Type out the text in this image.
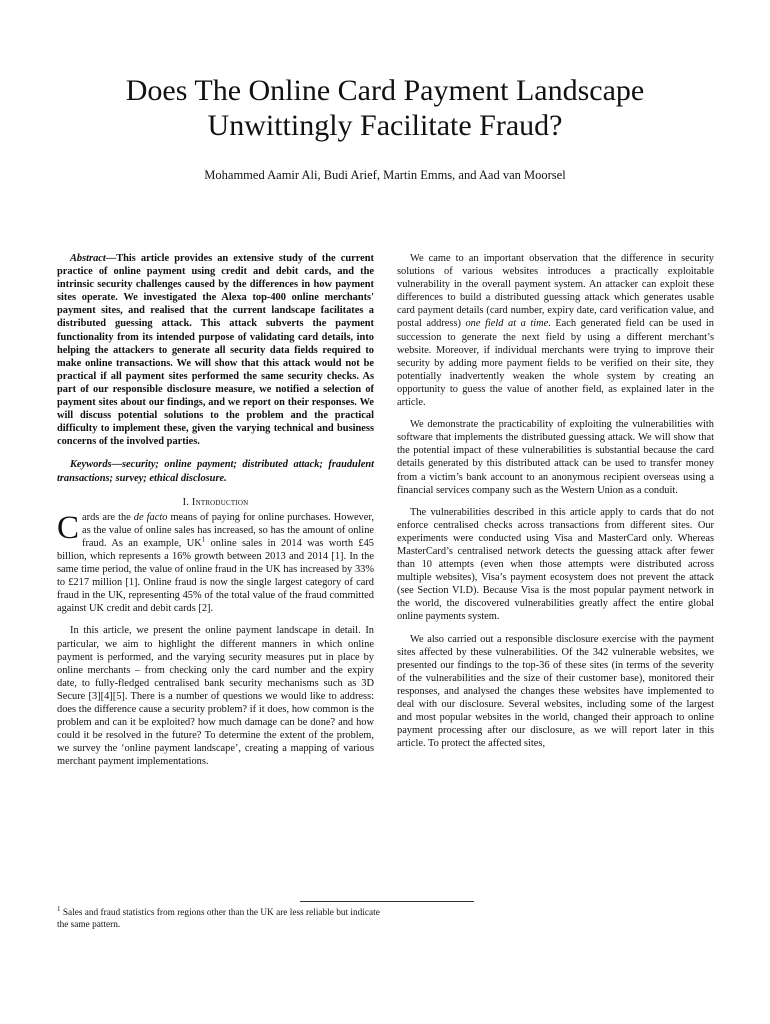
Does The Online Card Payment Landscape
Unwittingly Facilitate Fraud?
Mohammed Aamir Ali, Budi Arief, Martin Emms, and Aad van Moorsel

Abstract—This article provides an extensive study of the current practice of online payment using credit and debit cards, and the intrinsic security challenges caused by the differences in how payment sites operate. We investigated the Alexa top-400 online merchants' payment sites, and realised that the current landscape facilitates a distributed guessing attack. This attack subverts the payment functionality from its intended purpose of validating card details, into helping the attackers to generate all security data fields required to make online transactions. We will show that this attack would not be practical if all payment sites performed the same security checks. As part of our responsible disclosure measure, we notified a selection of payment sites about our findings, and we report on their responses. We will discuss potential solutions to the problem and the practical difficulty to implement these, given the varying technical and business concerns of the involved parties.

Keywords—security; online payment; distributed attack; fraudulent transactions; survey; ethical disclosure.

I. Introduction

Cards are the de facto means of paying for online purchases. However, as the value of online sales has increased, so has the amount of online fraud. As an example, $UK^1$ online sales in 2014 was worth £45 billion, which represents a 16% growth between 2013 and 2014 [1]. In the same time period, the value of online fraud in the UK has increased by 33% to £217 million [1]. Online fraud is now the single largest category of card fraud in the UK, representing 45% of the total value of the fraud committed against UK credit and debit cards [2].

In this article, we present the online payment landscape in detail. In particular, we aim to highlight the different manners in which online payment is performed, and the varying security measures put in place by online merchants – from checking only the card number and the expiry date, to fully-fledged centralised bank security mechanisms such as 3D Secure [3][4][5]. There is a number of questions we would like to address: does the difference cause a security problem? if it does, how common is the problem and can it be exploited? how much damage can be done? and how could it be resolved in the future? To determine the extent of the problem, we survey the ‘online payment landscape’, creating a mapping of various merchant payment implementations.

We came to an important observation that the difference in security solutions of various websites introduces a practically exploitable vulnerability in the overall payment system. An attacker can exploit these differences to build a distributed guessing attack which generates usable card payment details (card number, expiry date, card verification value, and postal address) one field at a time. Each generated field can be used in succession to generate the next field by using a different merchant’s website. Moreover, if individual merchants were trying to improve their security by adding more payment fields to be verified on their site, they potentially inadvertently weaken the whole system by creating an opportunity to guess the value of another field, as explained later in the article.

We demonstrate the practicability of exploiting the vulnerabilities with software that implements the distributed guessing attack. We will show that the potential impact of these vulnerabilities is substantial because the card details generated by this distributed attack can be used to transfer money from a victim’s bank account to an anonymous recipient overseas using a financial services company such as the Western Union as a conduit.

The vulnerabilities described in this article apply to cards that do not enforce centralised checks across transactions from different sites. Our experiments were conducted using Visa and MasterCard only. Whereas MasterCard’s centralised network detects the guessing attack after fewer than 10 attempts (even when those attempts were distributed across multiple websites), Visa’s payment ecosystem does not prevent the attack (see Section VI.D). Because Visa is the most popular payment network in the world, the discovered vulnerabilities greatly affect the entire global online payments system.

We also carried out a responsible disclosure exercise with the payment sites affected by these vulnerabilities. Of the 342 vulnerable websites, we presented our findings to the top-36 of these sites (in terms of the severity of the vulnerabilities and the size of their customer base), monitored their responses, and analysed the changes these websites have implemented to deal with our disclosure. Several websites, including some of the largest and most popular websites in the world, changed their approach to online payment processing after our disclosure, as we will report later in this article. To protect the affected sites,

$^1$ Sales and fraud statistics from regions other than the UK are less reliable but indicate the same pattern.
